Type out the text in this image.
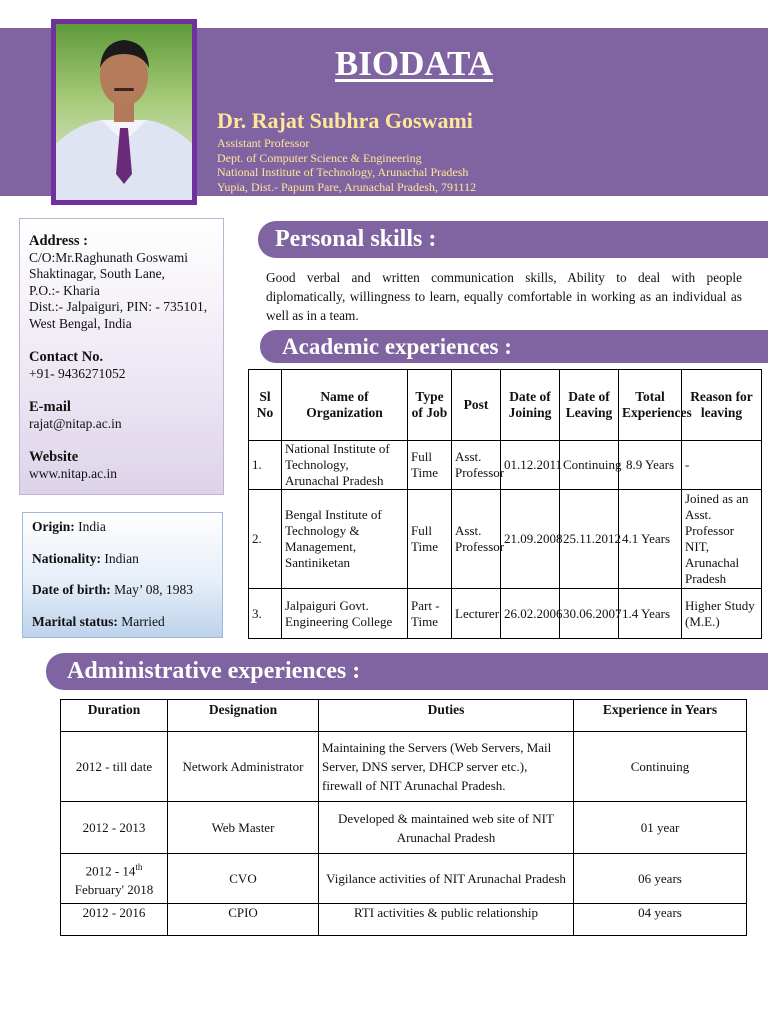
BIODATA
Dr. Rajat Subhra Goswami
Assistant Professor
Dept. of Computer Science & Engineering
National Institute of Technology, Arunachal Pradesh
Yupia, Dist.- Papum Pare, Arunachal Pradesh, 791112
Address :
C/O:Mr.Raghunath Goswami
Shaktinagar, South Lane,
P.O.:- Kharia
Dist.:- Jalpaiguri, PIN: - 735101,
West Bengal, India
Contact No.
+91- 9436271052
E-mail
rajat@nitap.ac.in
Website
www.nitap.ac.in
Origin: India
Nationality: Indian
Date of birth: May’ 08, 1983
Marital status: Married
Personal skills :
Good verbal and written communication skills, Ability to deal with people diplomatically, willingness to learn, equally comfortable in working as an individual as well as in a team.
Academic experiences :
Sl No	Name of Organization	Type of Job	Post	Date of Joining	Date of Leaving	Total Experiences	Reason for leaving
1.	National Institute of Technology, Arunachal Pradesh	Full Time	Asst. Professor	01.12.2011	Continuing	8.9 Years	-
2.	Bengal Institute of Technology & Management, Santiniketan	Full Time	Asst. Professor	21.09.2008	25.11.2012	4.1 Years	Joined as an Asst. Professor NIT, Arunachal Pradesh
3.	Jalpaiguri Govt. Engineering College	Part - Time	Lecturer	26.02.2006	30.06.2007	1.4 Years	Higher Study (M.E.)
Administrative experiences :
Duration	Designation	Duties	Experience in Years
2012 - till date	Network Administrator	Maintaining the Servers (Web Servers, Mail Server, DNS server, DHCP server etc.), firewall of NIT Arunachal Pradesh.	Continuing
2012 - 2013	Web Master	Developed & maintained web site of NIT Arunachal Pradesh	01 year
2012 - 14th
February' 2018	CVO	Vigilance activities of NIT Arunachal Pradesh	06 years
2012 - 2016	CPIO	RTI activities & public relationship	04 years
